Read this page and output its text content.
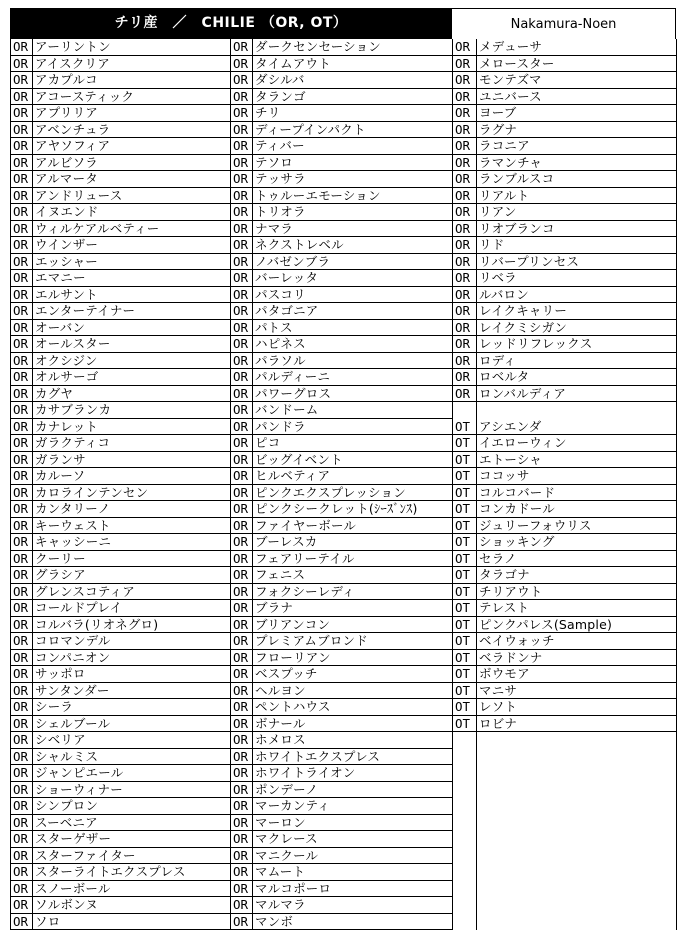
チリ産　／　CHILIE （OR, OT）	Nakamura-Noen
OR	アーリントン	OR	ダークセンセーション	OR	メデューサ
OR	アイスクリア	OR	タイムアウト	OR	メロースター
OR	アカプルコ	OR	ダシルバ	OR	モンテズマ
OR	アコースティック	OR	タランゴ	OR	ユニバース
OR	アプリリア	OR	チリ	OR	ヨーブ
OR	アベンチュラ	OR	ディープインパクト	OR	ラグナ
OR	アヤソフィア	OR	ティバー	OR	ラコニア
OR	アルビソラ	OR	テソロ	OR	ラマンチャ
OR	アルマータ	OR	テッサラ	OR	ランブルスコ
OR	アンドリュース	OR	トゥルーエモーション	OR	リアルト
OR	イヌエンド	OR	トリオラ	OR	リアン
OR	ウィルケアルベティー	OR	ナマラ	OR	リオブランコ
OR	ウインザー	OR	ネクストレベル	OR	リド
OR	エッシャー	OR	ノバゼンブラ	OR	リバープリンセス
OR	エマニー	OR	バーレッタ	OR	リベラ
OR	エルサント	OR	パスコリ	OR	ルバロン
OR	エンターテイナー	OR	パタゴニア	OR	レイクキャリー
OR	オーバン	OR	パトス	OR	レイクミシガン
OR	オールスター	OR	ハピネス	OR	レッドリフレックス
OR	オクシジン	OR	パラソル	OR	ロディ
OR	オルサーゴ	OR	パルディーニ	OR	ロベルタ
OR	カグヤ	OR	パワーグロス	OR	ロンバルディア
OR	カサブランカ	OR	バンドーム		
OR	カナレット	OR	パンドラ	OT	アシエンダ
OR	ガラクティコ	OR	ピコ	OT	イエローウィン
OR	ガランサ	OR	ビッグイベント	OT	エトーシャ
OR	カルーソ	OR	ヒルベティア	OT	ココッサ
OR	カロラインテンセン	OR	ピンクエクスプレッション	OT	コルコバード
OR	カンタリーノ	OR	ピンクシークレット(ｼｰｽﾞﾝｽ)	OT	コンカドール
OR	キーウェスト	OR	ファイヤーボール	OT	ジュリーフォウリス
OR	キャッシーニ	OR	ブーレスカ	OT	ショッキング
OR	クーリー	OR	フェアリーテイル	OT	セラノ
OR	グラシア	OR	フェニス	OT	タラゴナ
OR	グレンスコティア	OR	フォクシーレディ	OT	チリアウト
OR	コールドプレイ	OR	ブラナ	OT	テレスト
OR	コルバラ(リオネグロ)	OR	ブリアンコン	OT	ピンクパレス(Sample)
OR	コロマンデル	OR	プレミアムブロンド	OT	ベイウォッチ
OR	コンパニオン	OR	フローリアン	OT	ベラドンナ
OR	サッポロ	OR	ベスプッチ	OT	ボウモア
OR	サンタンダー	OR	ヘルヨン	OT	マニサ
OR	シーラ	OR	ペントハウス	OT	レソト
OR	シェルブール	OR	ボナール	OT	ロビナ
OR	シベリア	OR	ホメロス		
OR	シャルミス	OR	ホワイトエクスプレス		
OR	ジャンピエール	OR	ホワイトライオン		
OR	ショーウィナー	OR	ポンデーノ		
OR	シンプロン	OR	マーカンティ		
OR	スーベニア	OR	マーロン		
OR	スターゲザー	OR	マクレース		
OR	スターファイター	OR	マニクール		
OR	スターライトエクスプレス	OR	マムート		
OR	スノーボール	OR	マルコポーロ		
OR	ソルボンヌ	OR	マルマラ		
OR	ソロ	OR	マンボ		
